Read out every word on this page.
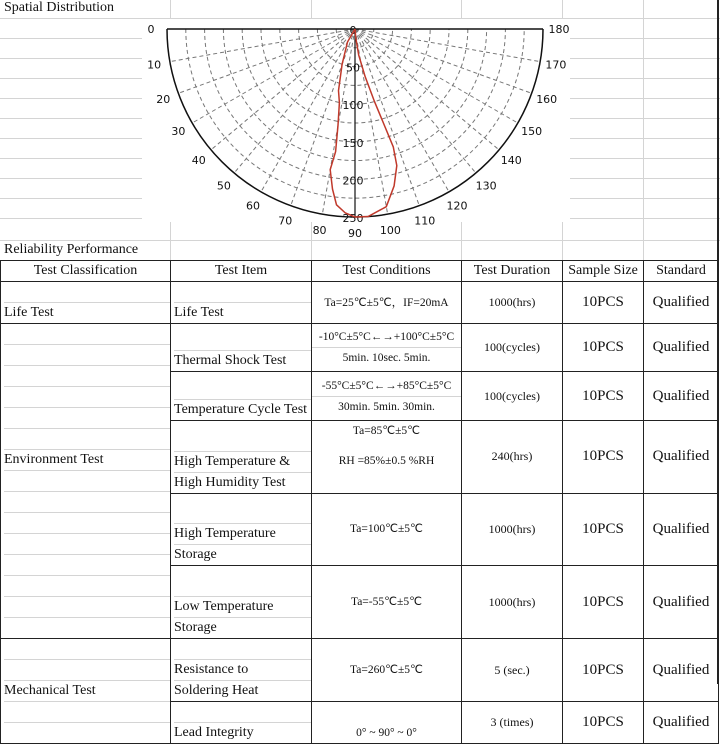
Spatial Distribution
0
10
20
30
40
50
60
70
80 90 100
110
120
130
140
150
160
170
180
0
50
100
150
200
250
Reliability Performance
Test Classification	Test Item	Test Conditions	Test Duration	Sample Size	Standard

Life Test	Life Test	Ta=25℃±5℃，IF=20mA	1000(hrs)	10PCS	Qualified

Environment Test	Thermal Shock Test	-10°C±5°C←→+100°C±5°C
5min. 10sec. 5min.	100(cycles)	10PCS	Qualified

	Temperature Cycle Test	-55°C±5°C←→+85°C±5°C
30min. 5min. 30min.	100(cycles)	10PCS	Qualified

	High Temperature &
High Humidity Test	Ta=85℃±5℃
RH =85%±0.5 %RH	240(hrs)	10PCS	Qualified

	High Temperature
Storage	Ta=100℃±5℃	1000(hrs)	10PCS	Qualified

	Low Temperature
Storage	Ta=-55℃±5℃	1000(hrs)	10PCS	Qualified

Mechanical Test	Resistance to
Soldering Heat	Ta=260℃±5℃	5 (sec.)	10PCS	Qualified

	Lead Integrity	0° ~ 90° ~ 0°	3 (times)	10PCS	Qualified
